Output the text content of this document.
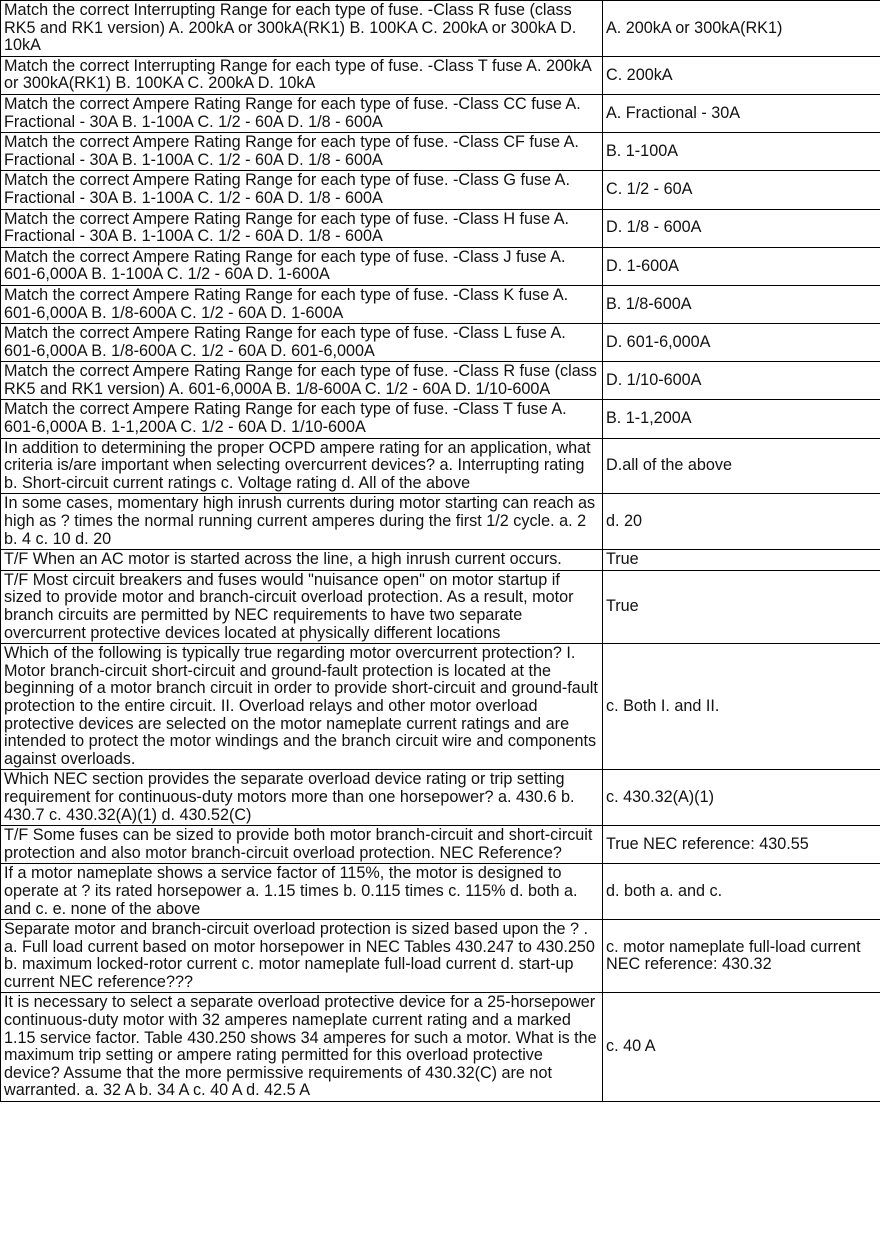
Match the correct Interrupting Range for each type of fuse. -Class R fuse (class RK5 and RK1 version) A. 200kA or 300kA(RK1) B. 100KA C. 200kA or 300kA D. 10kA	A. 200kA or 300kA(RK1)
Match the correct Interrupting Range for each type of fuse. -Class T fuse A. 200kA or 300kA(RK1) B. 100KA C. 200kA D. 10kA	C. 200kA
Match the correct Ampere Rating Range for each type of fuse. -Class CC fuse A. Fractional - 30A B. 1-100A C. 1/2 - 60A D. 1/8 - 600A	A. Fractional - 30A
Match the correct Ampere Rating Range for each type of fuse. -Class CF fuse A. Fractional - 30A B. 1-100A C. 1/2 - 60A D. 1/8 - 600A	B. 1-100A
Match the correct Ampere Rating Range for each type of fuse. -Class G fuse A. Fractional - 30A B. 1-100A C. 1/2 - 60A D. 1/8 - 600A	C. 1/2 - 60A
Match the correct Ampere Rating Range for each type of fuse. -Class H fuse A. Fractional - 30A B. 1-100A C. 1/2 - 60A D. 1/8 - 600A	D. 1/8 - 600A
Match the correct Ampere Rating Range for each type of fuse. -Class J fuse A. 601-6,000A B. 1-100A C. 1/2 - 60A D. 1-600A	D. 1-600A
Match the correct Ampere Rating Range for each type of fuse. -Class K fuse A. 601-6,000A B. 1/8-600A C. 1/2 - 60A D. 1-600A	B. 1/8-600A
Match the correct Ampere Rating Range for each type of fuse. -Class L fuse A. 601-6,000A B. 1/8-600A C. 1/2 - 60A D. 601-6,000A	D. 601-6,000A
Match the correct Ampere Rating Range for each type of fuse. -Class R fuse (class RK5 and RK1 version) A. 601-6,000A B. 1/8-600A C. 1/2 - 60A D. 1/10-600A	D. 1/10-600A
Match the correct Ampere Rating Range for each type of fuse. -Class T fuse A. 601-6,000A B. 1-1,200A C. 1/2 - 60A D. 1/10-600A	B. 1-1,200A
In addition to determining the proper OCPD ampere rating for an application, what criteria is/are important when selecting overcurrent devices? a. Interrupting rating b. Short-circuit current ratings c. Voltage rating d. All of the above	D.all of the above
In some cases, momentary high inrush currents during motor starting can reach as high as ? times the normal running current amperes during the first 1/2 cycle. a. 2 b. 4 c. 10 d. 20	d. 20
T/F When an AC motor is started across the line, a high inrush current occurs.	True
T/F Most circuit breakers and fuses would "nuisance open" on motor startup if sized to provide motor and branch-circuit overload protection. As a result, motor branch circuits are permitted by NEC requirements to have two separate overcurrent protective devices located at physically different locations	True
Which of the following is typically true regarding motor overcurrent protection? I. Motor branch-circuit short-circuit and ground-fault protection is located at the beginning of a motor branch circuit in order to provide short-circuit and ground-fault protection to the entire circuit. II. Overload relays and other motor overload protective devices are selected on the motor nameplate current ratings and are intended to protect the motor windings and the branch circuit wire and components against overloads.	c. Both I. and II.
Which NEC section provides the separate overload device rating or trip setting requirement for continuous-duty motors more than one horsepower? a. 430.6 b. 430.7 c. 430.32(A)(1) d. 430.52(C)	c. 430.32(A)(1)
T/F Some fuses can be sized to provide both motor branch-circuit and short-circuit protection and also motor branch-circuit overload protection. NEC Reference?	True NEC reference: 430.55
If a motor nameplate shows a service factor of 115%, the motor is designed to operate at ? its rated horsepower a. 1.15 times b. 0.115 times c. 115% d. both a. and c. e. none of the above	d. both a. and c.
Separate motor and branch-circuit overload protection is sized based upon the ? . a. Full load current based on motor horsepower in NEC Tables 430.247 to 430.250 b. maximum locked-rotor current c. motor nameplate full-load current d. start-up current NEC reference???	c. motor nameplate full-load current NEC reference: 430.32
It is necessary to select a separate overload protective device for a 25-horsepower continuous-duty motor with 32 amperes nameplate current rating and a marked 1.15 service factor. Table 430.250 shows 34 amperes for such a motor. What is the maximum trip setting or ampere rating permitted for this overload protective device? Assume that the more permissive requirements of 430.32(C) are not warranted. a. 32 A b. 34 A c. 40 A d. 42.5 A	c. 40 A
